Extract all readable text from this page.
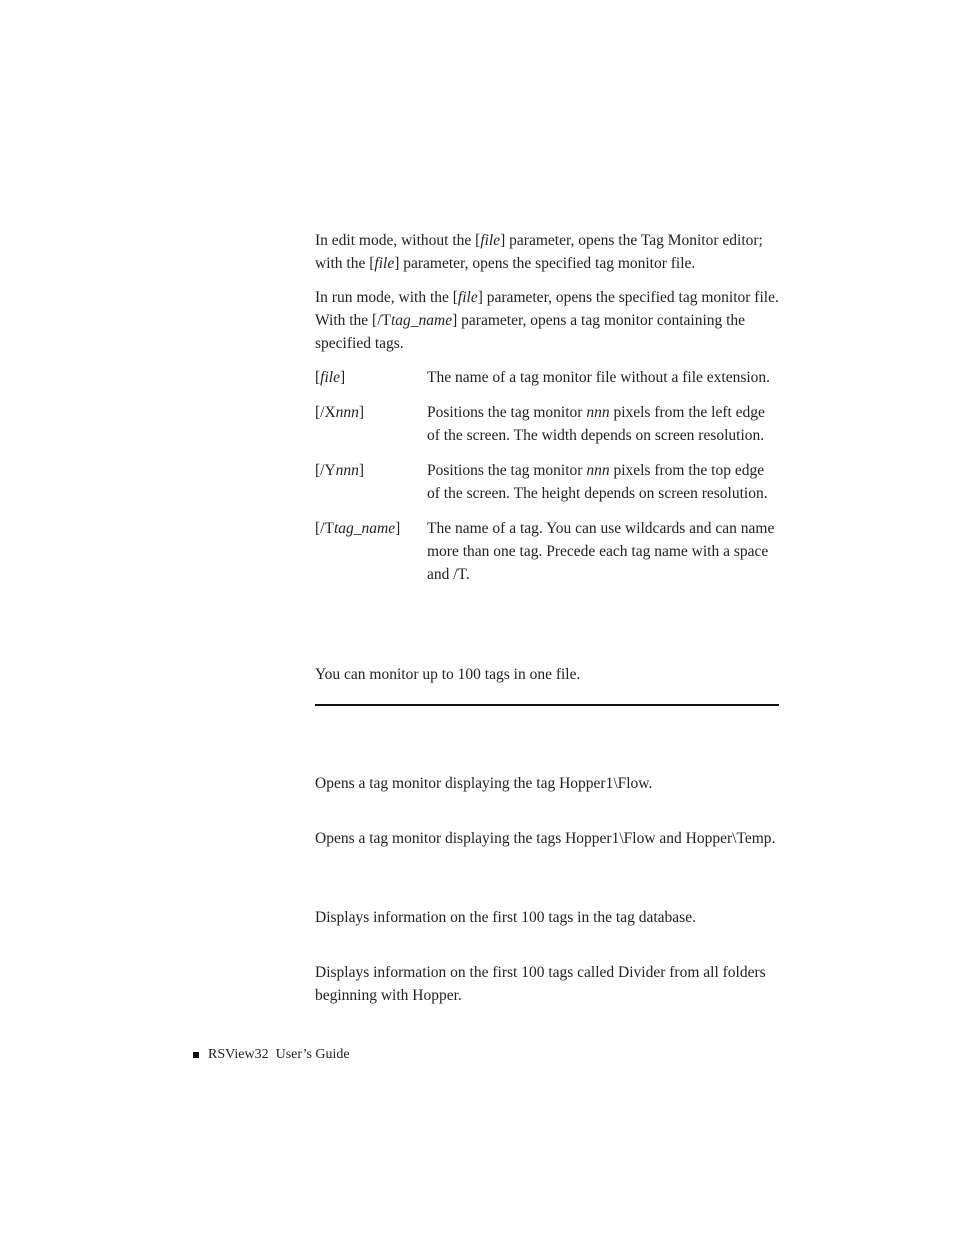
In edit mode, without the [file] parameter, opens the Tag Monitor editor; with the [file] parameter, opens the specified tag monitor file.

In run mode, with the [file] parameter, opens the specified tag monitor file. With the [/Ttag_name] parameter, opens a tag monitor containing the specified tags.

[file]	The name of a tag monitor file without a file extension.
[/Xnnn]	Positions the tag monitor nnn pixels from the left edge of the screen. The width depends on screen resolution.
[/Ynnn]	Positions the tag monitor nnn pixels from the top edge of the screen. The height depends on screen resolution.
[/Ttag_name]	The name of a tag. You can use wildcards and can name more than one tag. Precede each tag name with a space and /T.

You can monitor up to 100 tags in one file.

Opens a tag monitor displaying the tag Hopper1\Flow.

Opens a tag monitor displaying the tags Hopper1\Flow and Hopper\Temp.

Displays information on the first 100 tags in the tag database.

Displays information on the first 100 tags called Divider from all folders beginning with Hopper.

RSView32 User’s Guide
